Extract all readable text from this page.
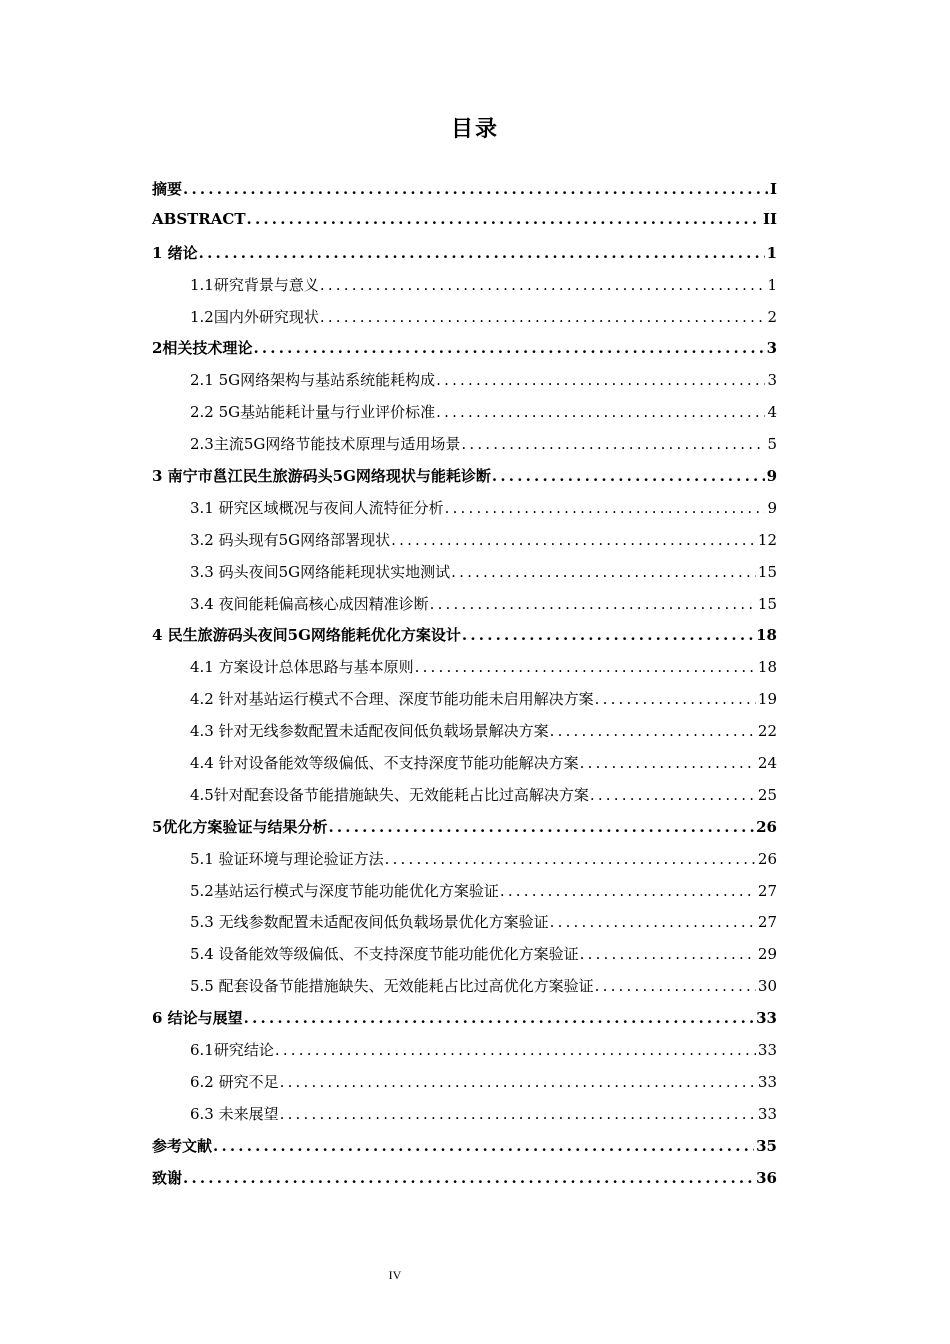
目录
摘要 .....	I
ABSTRACT .....	II
1 绪论 .....	1
1.1研究背景与意义 .....	1
1.2国内外研究现状 .....	2
2相关技术理论 .....	3
2.1 5G网络架构与基站系统能耗构成 .....	3
2.2 5G基站能耗计量与行业评价标准 .....	4
2.3主流5G网络节能技术原理与适用场景 .....	5
3 南宁市邕江民生旅游码头5G网络现状与能耗诊断 .....	9
3.1 研究区域概况与夜间人流特征分析 .....	9
3.2 码头现有5G网络部署现状 .....	12
3.3 码头夜间5G网络能耗现状实地测试 .....	15
3.4 夜间能耗偏高核心成因精准诊断 .....	15
4 民生旅游码头夜间5G网络能耗优化方案设计 .....	18
4.1 方案设计总体思路与基本原则 .....	18
4.2 针对基站运行模式不合理、深度节能功能未启用解决方案 .....	19
4.3 针对无线参数配置未适配夜间低负载场景解决方案 .....	22
4.4 针对设备能效等级偏低、不支持深度节能功能解决方案 .....	24
4.5针对配套设备节能措施缺失、无效能耗占比过高解决方案 .....	25
5优化方案验证与结果分析 .....	26
5.1 验证环境与理论验证方法 .....	26
5.2基站运行模式与深度节能功能优化方案验证 .....	27
5.3 无线参数配置未适配夜间低负载场景优化方案验证 .....	27
5.4 设备能效等级偏低、不支持深度节能功能优化方案验证 .....	29
5.5 配套设备节能措施缺失、无效能耗占比过高优化方案验证 .....	30
6 结论与展望 .....	33
6.1研究结论 .....	33
6.2 研究不足 .....	33
6.3 未来展望 .....	33
参考文献 .....	35
致谢 .....	36
IV
